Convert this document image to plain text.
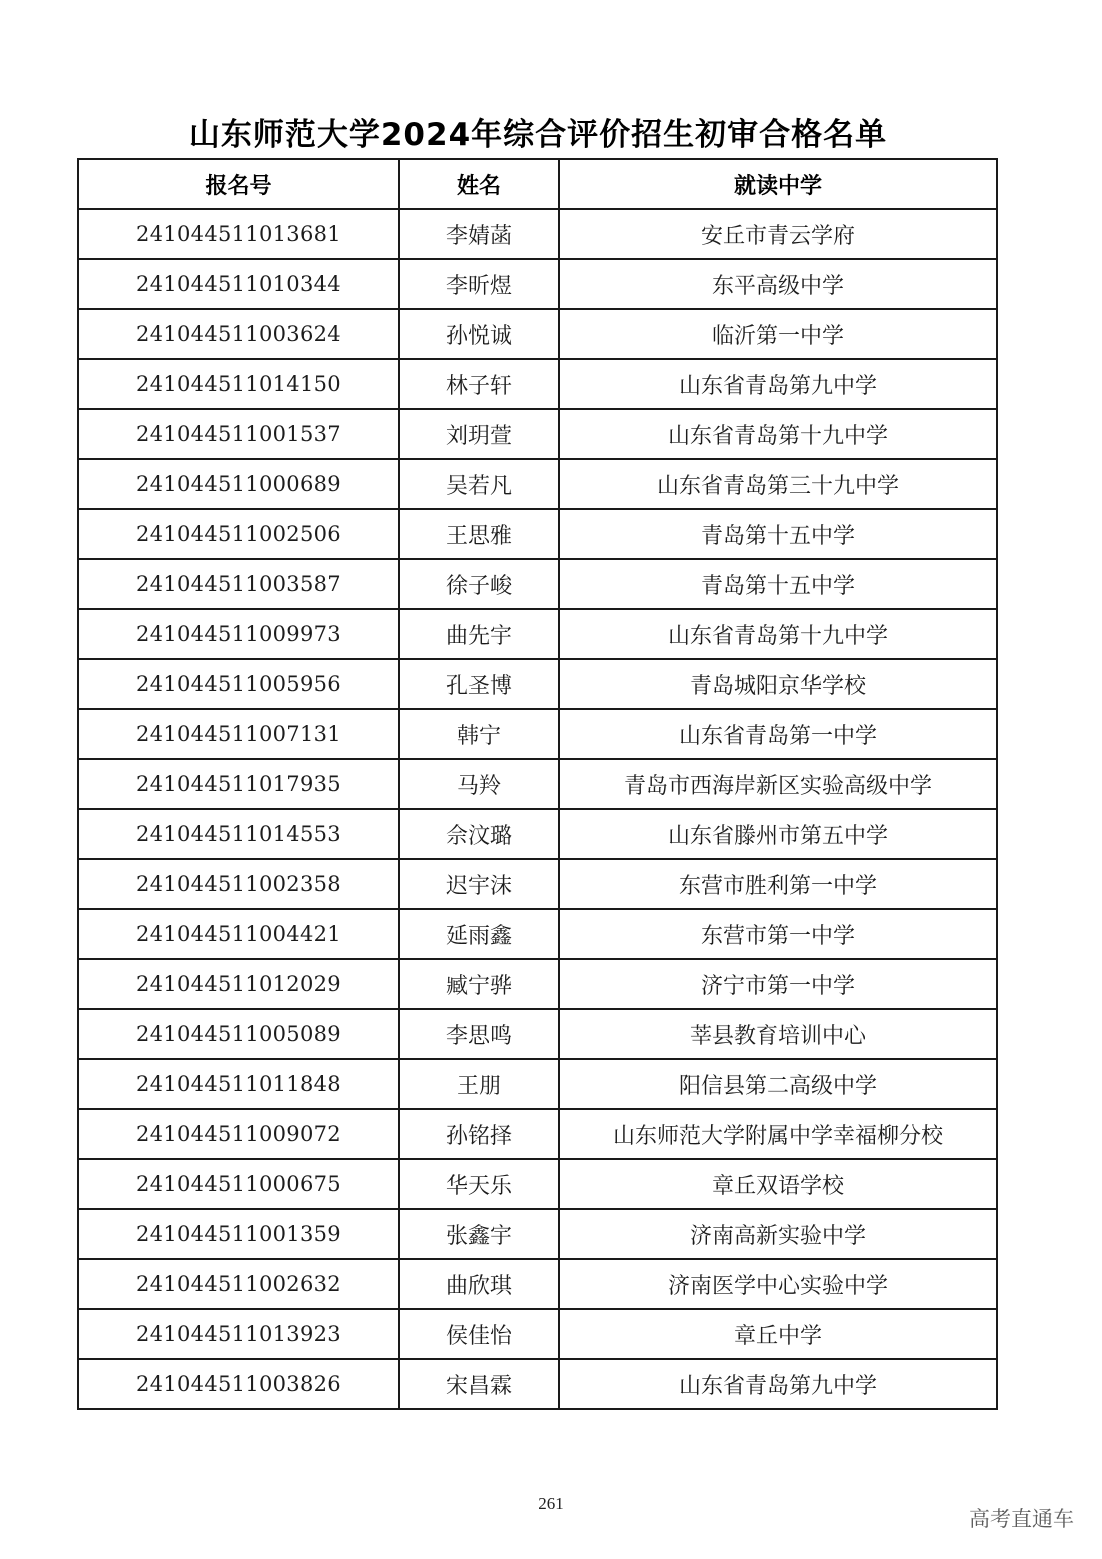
山东师范大学2024年综合评价招生初审合格名单
报名号	姓名	就读中学
241044511013681	李婧菡	安丘市青云学府
241044511010344	李昕煜	东平高级中学
241044511003624	孙悦诚	临沂第一中学
241044511014150	林子轩	山东省青岛第九中学
241044511001537	刘玥萱	山东省青岛第十九中学
241044511000689	吴若凡	山东省青岛第三十九中学
241044511002506	王思雅	青岛第十五中学
241044511003587	徐子峻	青岛第十五中学
241044511009973	曲先宇	山东省青岛第十九中学
241044511005956	孔圣博	青岛城阳京华学校
241044511007131	韩宁	山东省青岛第一中学
241044511017935	马羚	青岛市西海岸新区实验高级中学
241044511014553	佘汶璐	山东省滕州市第五中学
241044511002358	迟宇沫	东营市胜利第一中学
241044511004421	延雨鑫	东营市第一中学
241044511012029	臧宁骅	济宁市第一中学
241044511005089	李思鸣	莘县教育培训中心
241044511011848	王朋	阳信县第二高级中学
241044511009072	孙铭择	山东师范大学附属中学幸福柳分校
241044511000675	华天乐	章丘双语学校
241044511001359	张鑫宇	济南高新实验中学
241044511002632	曲欣琪	济南医学中心实验中学
241044511013923	侯佳怡	章丘中学
241044511003826	宋昌霖	山东省青岛第九中学
261
高考直通车
